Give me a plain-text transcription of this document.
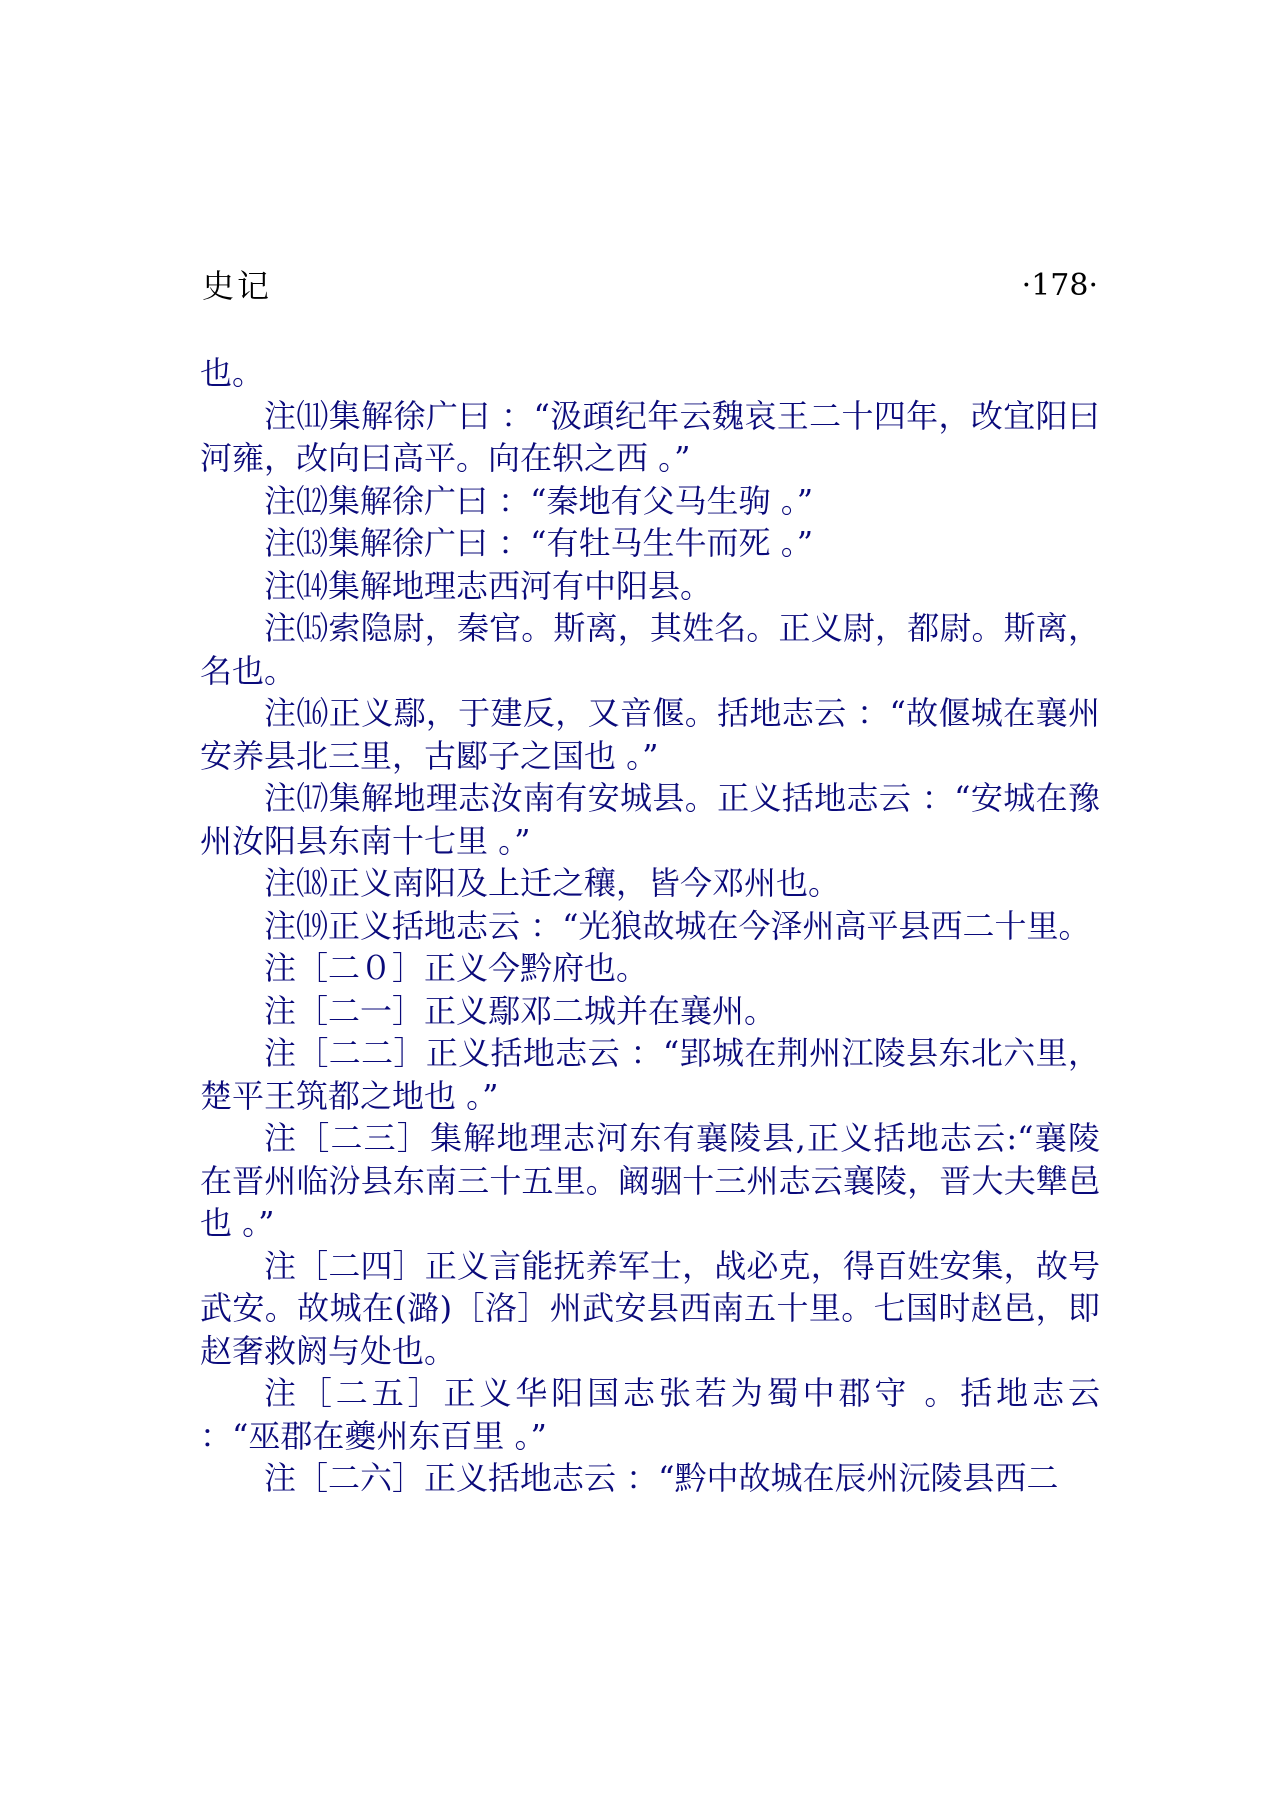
史记	·178·

也。

注⑾集解徐广曰 ：“汲頙纪年云魏哀王二十四年，改宜阳曰河雍，改向曰高平。向在轵之西 。”

注⑿集解徐广曰 ：“秦地有父马生驹 。”

注⒀集解徐广曰 ：“有牡马生牛而死 。”

注⒁集解地理志西河有中阳县。

注⒂索隐尉，秦官。斯离，其姓名。正义尉，都尉。斯离，名也。

注⒃正义鄢，于建反，又音偃。括地志云 ：“故偃城在襄州安养县北三里，古郾子之国也 。”

注⒄集解地理志汝南有安城县。正义括地志云 ：“安城在豫州汝阳县东南十七里 。”

注⒅正义南阳及上迁之穰，皆今邓州也。

注⒆正义括地志云 ：“光狼故城在今泽州高平县西二十里。

注［二０］正义今黔府也。

注［二一］正义鄢邓二城并在襄州。

注［二二］正义括地志云 ：“郢城在荆州江陵县东北六里，楚平王筑都之地也 。”

注［二三］集解地理志河东有襄陵县,正义括地志云:“襄陵在晋州临汾县东南三十五里。阚骃十三州志云襄陵，晋大夫犨邑也 。”

注［二四］正义言能抚养军士，战必克，得百姓安集，故号武安。故城在(潞)［洛］州武安县西南五十里。七国时赵邑，即赵奢救阏与处也。

注［二五］正义华阳国志张若为蜀中郡守 。括地志云 ：“巫郡在夔州东百里 。”

注［二六］正义括地志云 ：“黔中故城在辰州沅陵县西二
